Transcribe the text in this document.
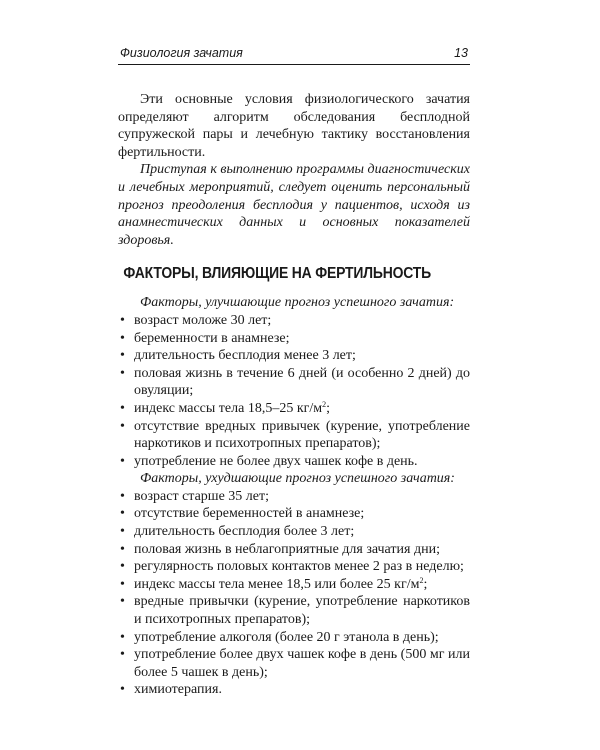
Физиология зачатия	13

Эти основные условия физиологического зачатия определяют алгоритм обследования бесплодной супружеской пары и лечебную тактику восстановления фертильности.

Приступая к выполнению программы диагностических и лечебных мероприятий, следует оценить персональный прогноз преодоления бесплодия у пациентов, исходя из анамнестических данных и основных показателей здоровья.

ФАКТОРЫ, ВЛИЯЮЩИЕ НА ФЕРТИЛЬНОСТЬ

Факторы, улучшающие прогноз успешного зачатия:

• возраст моложе 30 лет;
• беременности в анамнезе;
• длительность бесплодия менее 3 лет;
• половая жизнь в течение 6 дней (и особенно 2 дней) до овуляции;
• индекс массы тела 18,5–25 $кг/м^2$;
• отсутствие вредных привычек (курение, употребление наркотиков и психотропных препаратов);
• употребление не более двух чашек кофе в день.

Факторы, ухудшающие прогноз успешного зачатия:

• возраст старше 35 лет;
• отсутствие беременностей в анамнезе;
• длительность бесплодия более 3 лет;
• половая жизнь в неблагоприятные для зачатия дни;
• регулярность половых контактов менее 2 раз в неделю;
• индекс массы тела менее 18,5 или более 25 $кг/м^2$;
• вредные привычки (курение, употребление наркотиков и психотропных препаратов);
• употребление алкоголя (более 20 г этанола в день);
• употребление более двух чашек кофе в день (500 мг или более 5 чашек в день);
• химиотерапия.
